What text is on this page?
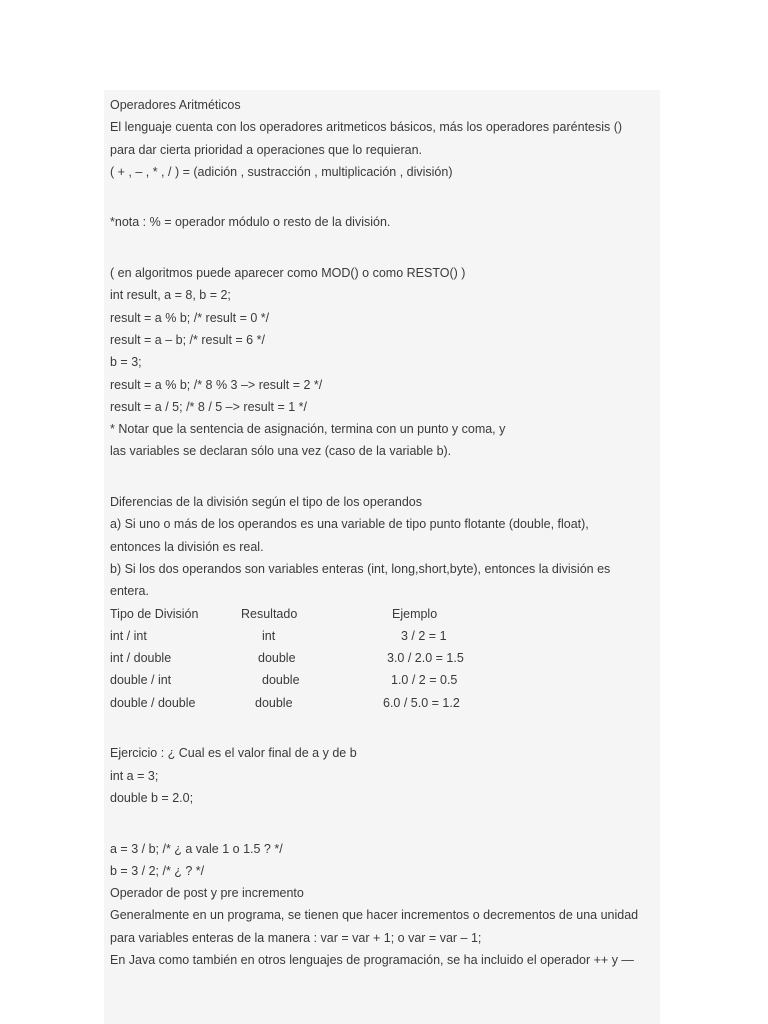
Operadores Aritméticos
El lenguaje cuenta con los operadores aritmeticos básicos, más los operadores paréntesis ()
para dar cierta prioridad a operaciones que lo requieran.
( + , – , * , / ) = (adición , sustracción , multiplicación , división)
*nota : % = operador módulo o resto de la división.
( en algoritmos puede aparecer como MOD() o como RESTO() )
int result, a = 8, b = 2;
result = a % b; /* result = 0 */
result = a – b; /* result = 6 */
b = 3;
result = a % b; /* 8 % 3 –> result = 2 */
result = a / 5; /* 8 / 5 –> result = 1 */
* Notar que la sentencia de asignación, termina con un punto y coma, y
las variables se declaran sólo una vez (caso de la variable b).
Diferencias de la división según el tipo de los operandos
a) Si uno o más de los operandos es una variable de tipo punto flotante (double, float),
entonces la división es real.
b) Si los dos operandos son variables enteras (int, long,short,byte), entonces la división es
entera.
Tipo de División	Resultado	Ejemplo
int / int	int	3 / 2 = 1
int / double	double	3.0 / 2.0 = 1.5
double / int	double	1.0 / 2 = 0.5
double / double	double	6.0 / 5.0 = 1.2
Ejercicio : ¿ Cual es el valor final de a y de b
int a = 3;
double b = 2.0;
a = 3 / b; /* ¿ a vale 1 o 1.5 ? */
b = 3 / 2; /* ¿ ? */
Operador de post y pre incremento
Generalmente en un programa, se tienen que hacer incrementos o decrementos de una unidad
para variables enteras de la manera : var = var + 1; o var = var – 1;
En Java como también en otros lenguajes de programación, se ha incluido el operador ++ y —
